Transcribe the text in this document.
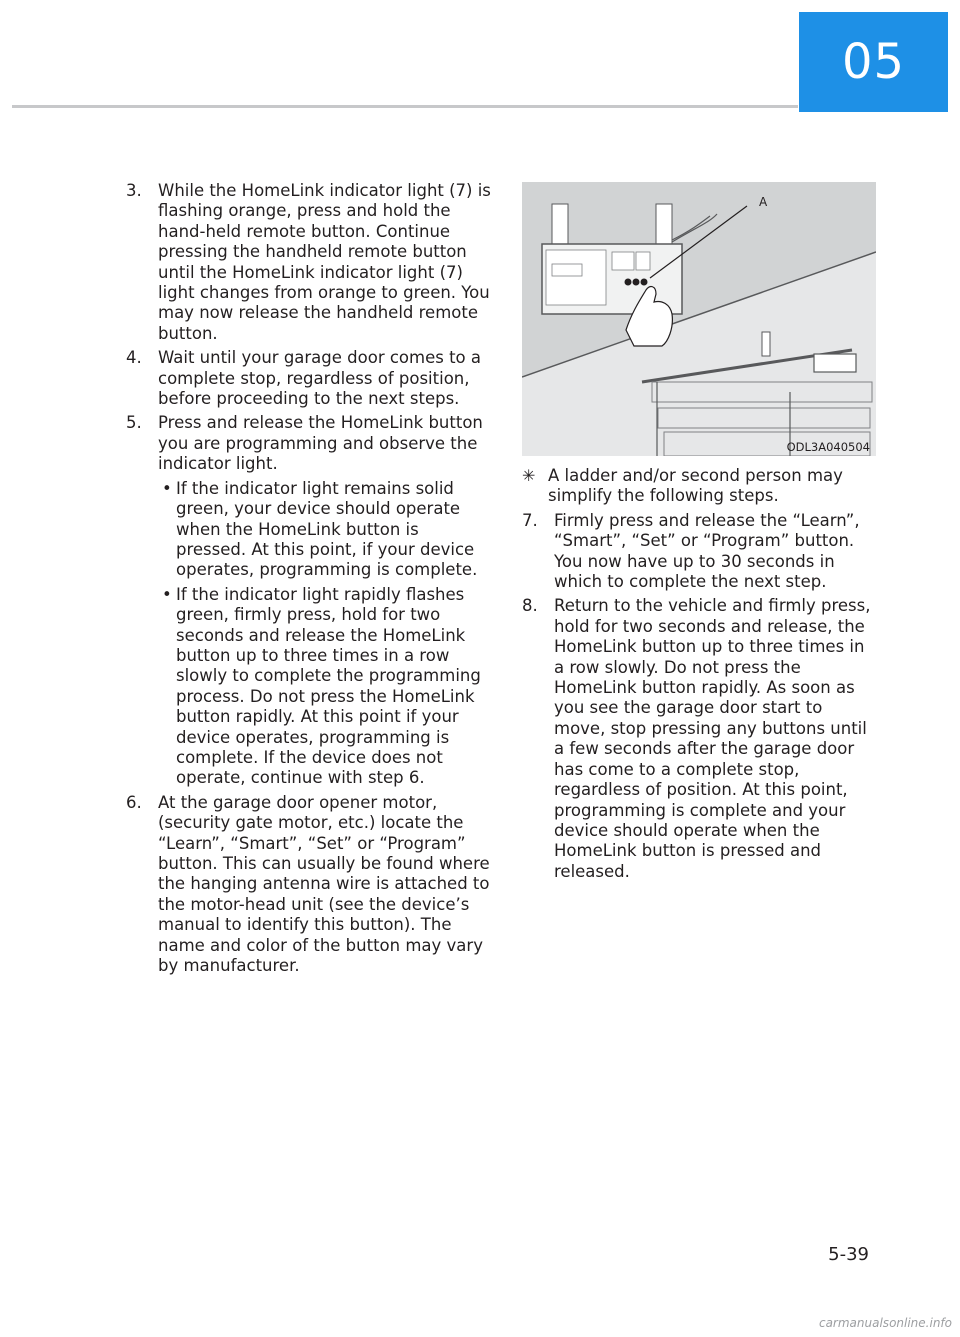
05
3. While the HomeLink indicator light (7) is flashing orange, press and hold the hand-held remote button. Continue pressing the handheld remote button until the HomeLink indicator light (7) light changes from orange to green. You may now release the handheld remote button.
4. Wait until your garage door comes to a complete stop, regardless of position, before proceeding to the next steps.
5. Press and release the HomeLink button you are programming and observe the indicator light.
• If the indicator light remains solid green, your device should operate when the HomeLink button is pressed. At this point, if your device operates, programming is complete.
• If the indicator light rapidly flashes green, firmly press, hold for two seconds and release the HomeLink button up to three times in a row slowly to complete the programming process. Do not press the HomeLink button rapidly. At this point if your device operates, programming is complete. If the device does not operate, continue with step 6.
6. At the garage door opener motor, (security gate motor, etc.) locate the “Learn”, “Smart”, “Set” or “Program” button. This can usually be found where the hanging antenna wire is attached to the motor-head unit (see the device’s manual to identify this button). The name and color of the button may vary by manufacturer.
A
ODL3A040504
✳ A ladder and/or second person may simplify the following steps.
7. Firmly press and release the “Learn”, “Smart”, “Set” or “Program” button. You now have up to 30 seconds in which to complete the next step.
8. Return to the vehicle and firmly press, hold for two seconds and release, the HomeLink button up to three times in a row slowly. Do not press the HomeLink button rapidly. As soon as you see the garage door start to move, stop pressing any buttons until a few seconds after the garage door has come to a complete stop, regardless of position. At this point, programming is complete and your device should operate when the HomeLink button is pressed and released.
5-39
carmanualsonline.info
